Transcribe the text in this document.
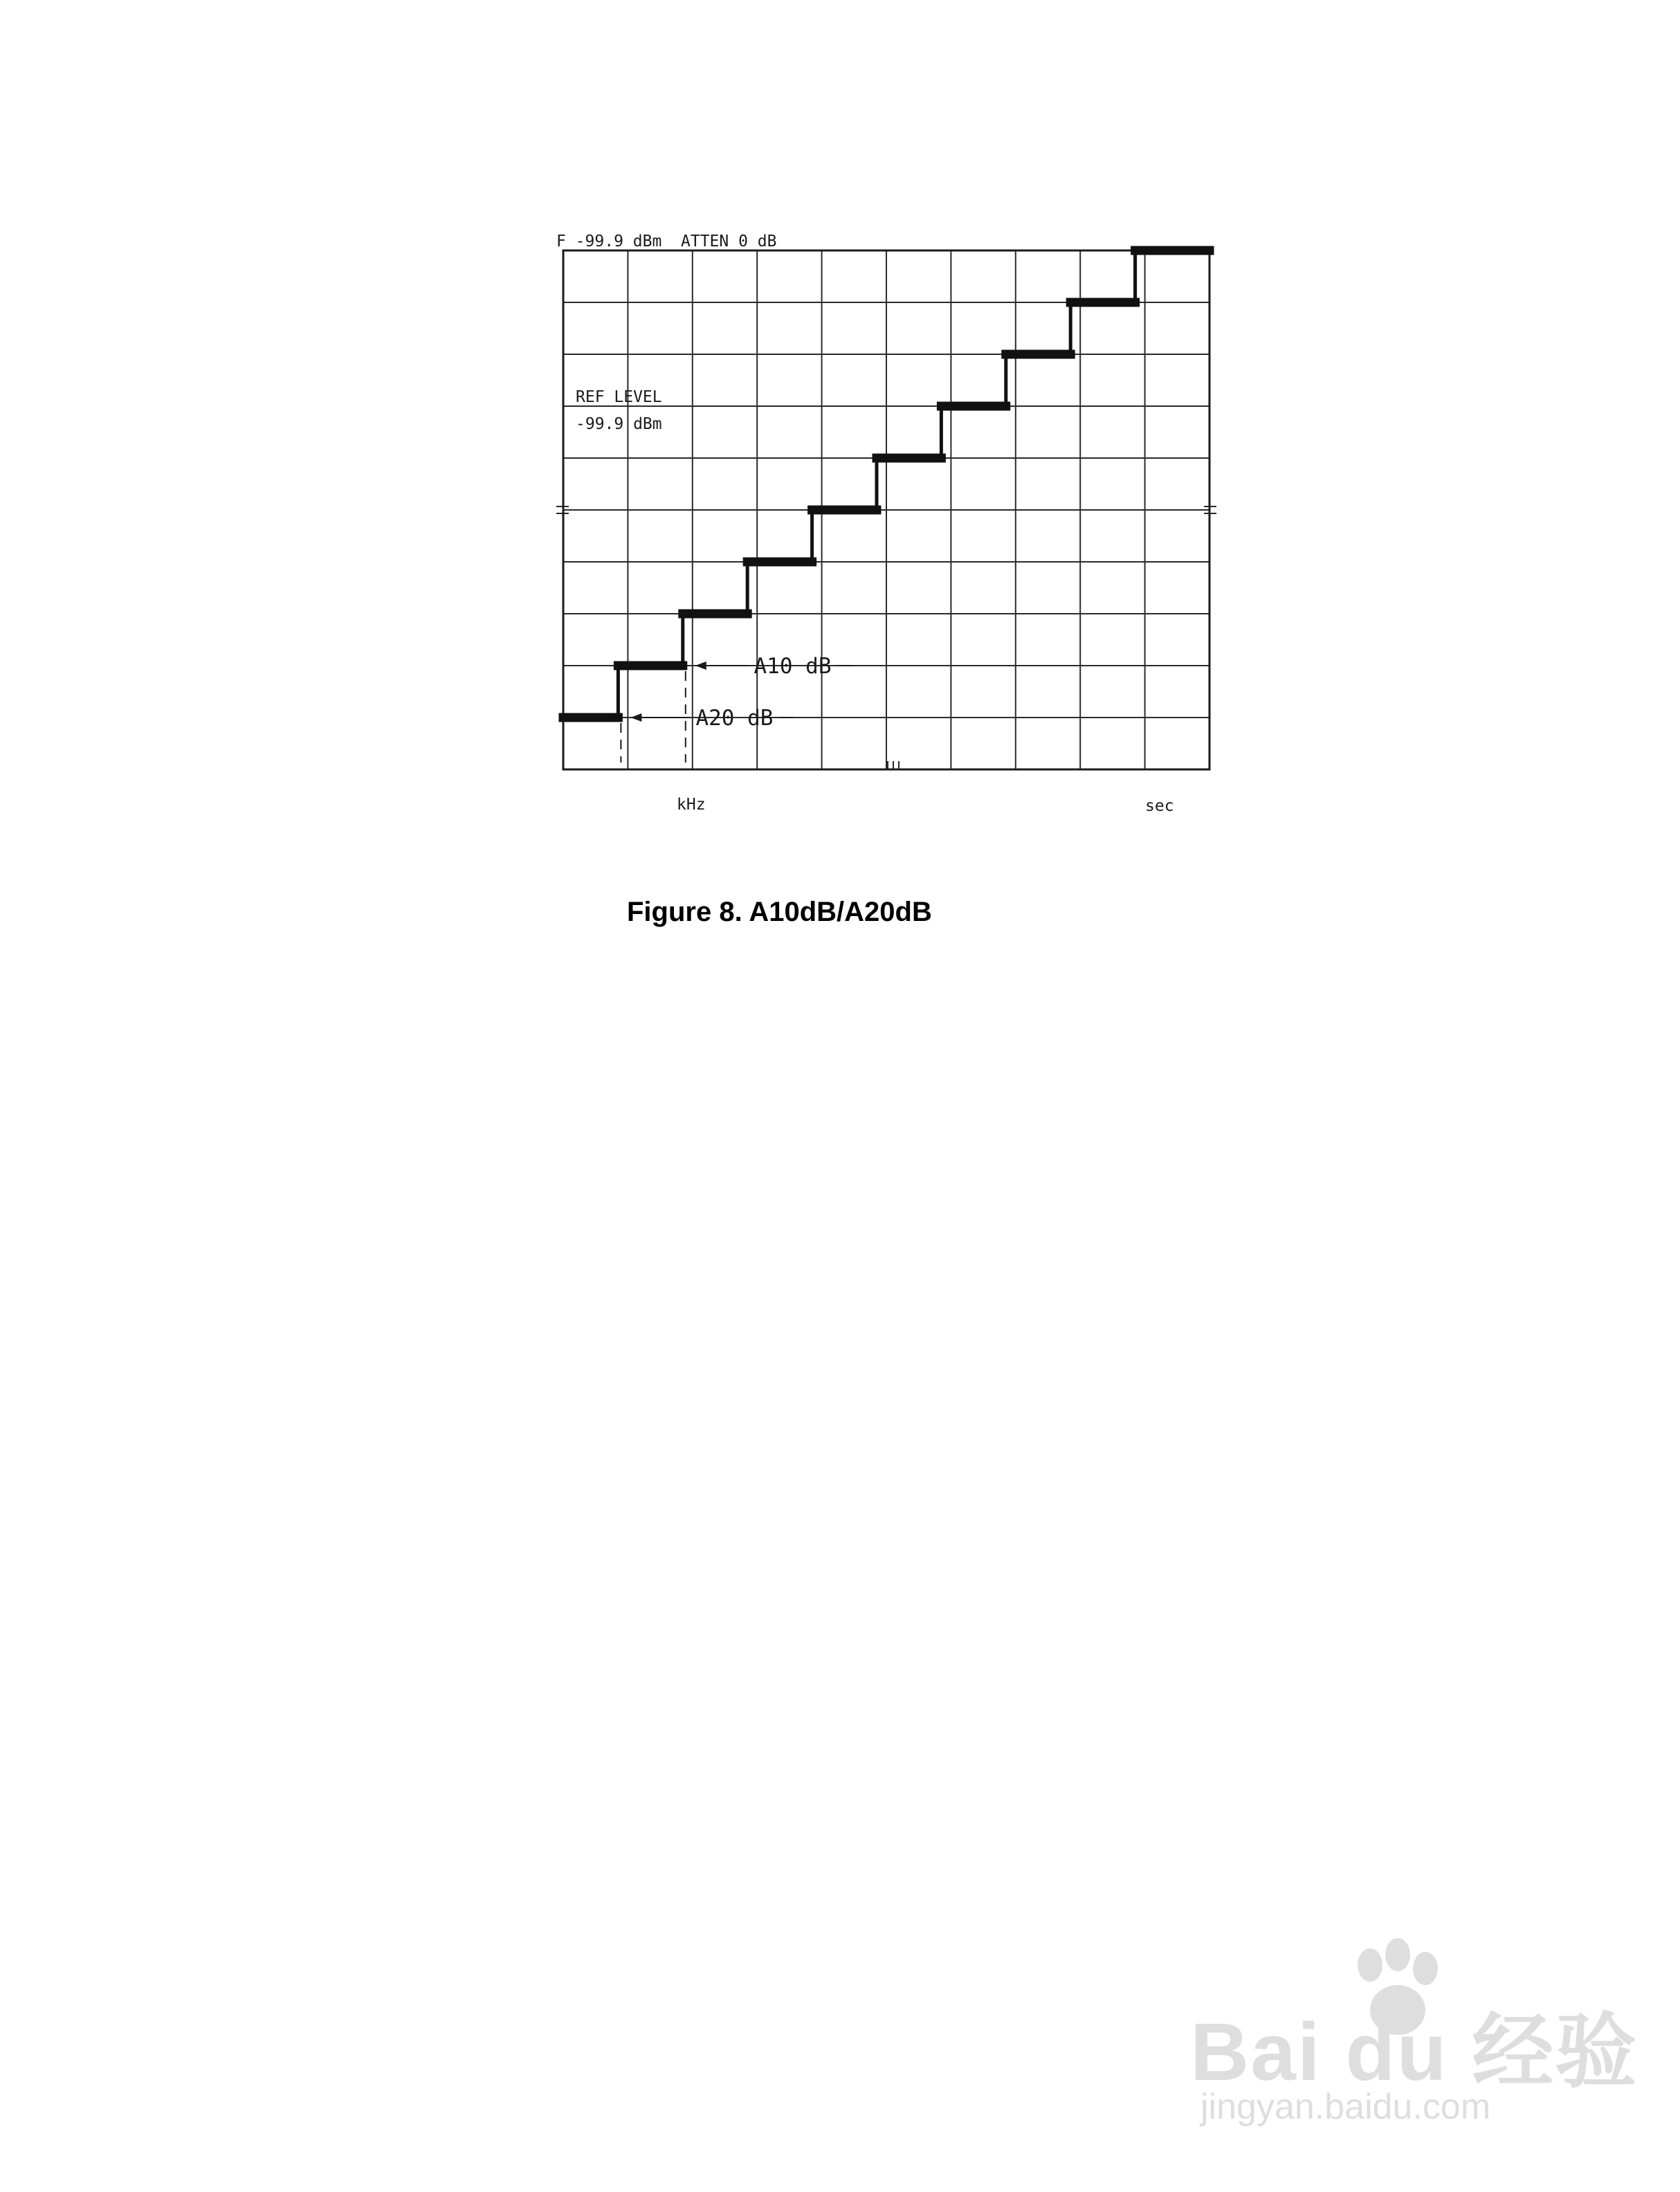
A10 dB
A20 dB
F -99.9 dBm  ATTEN 0 dB
REF LEVEL
-99.9 dBm
kHz	sec
Figure 8. A10dB/A20dB
Bai du 经验
jingyan.baidu.com
